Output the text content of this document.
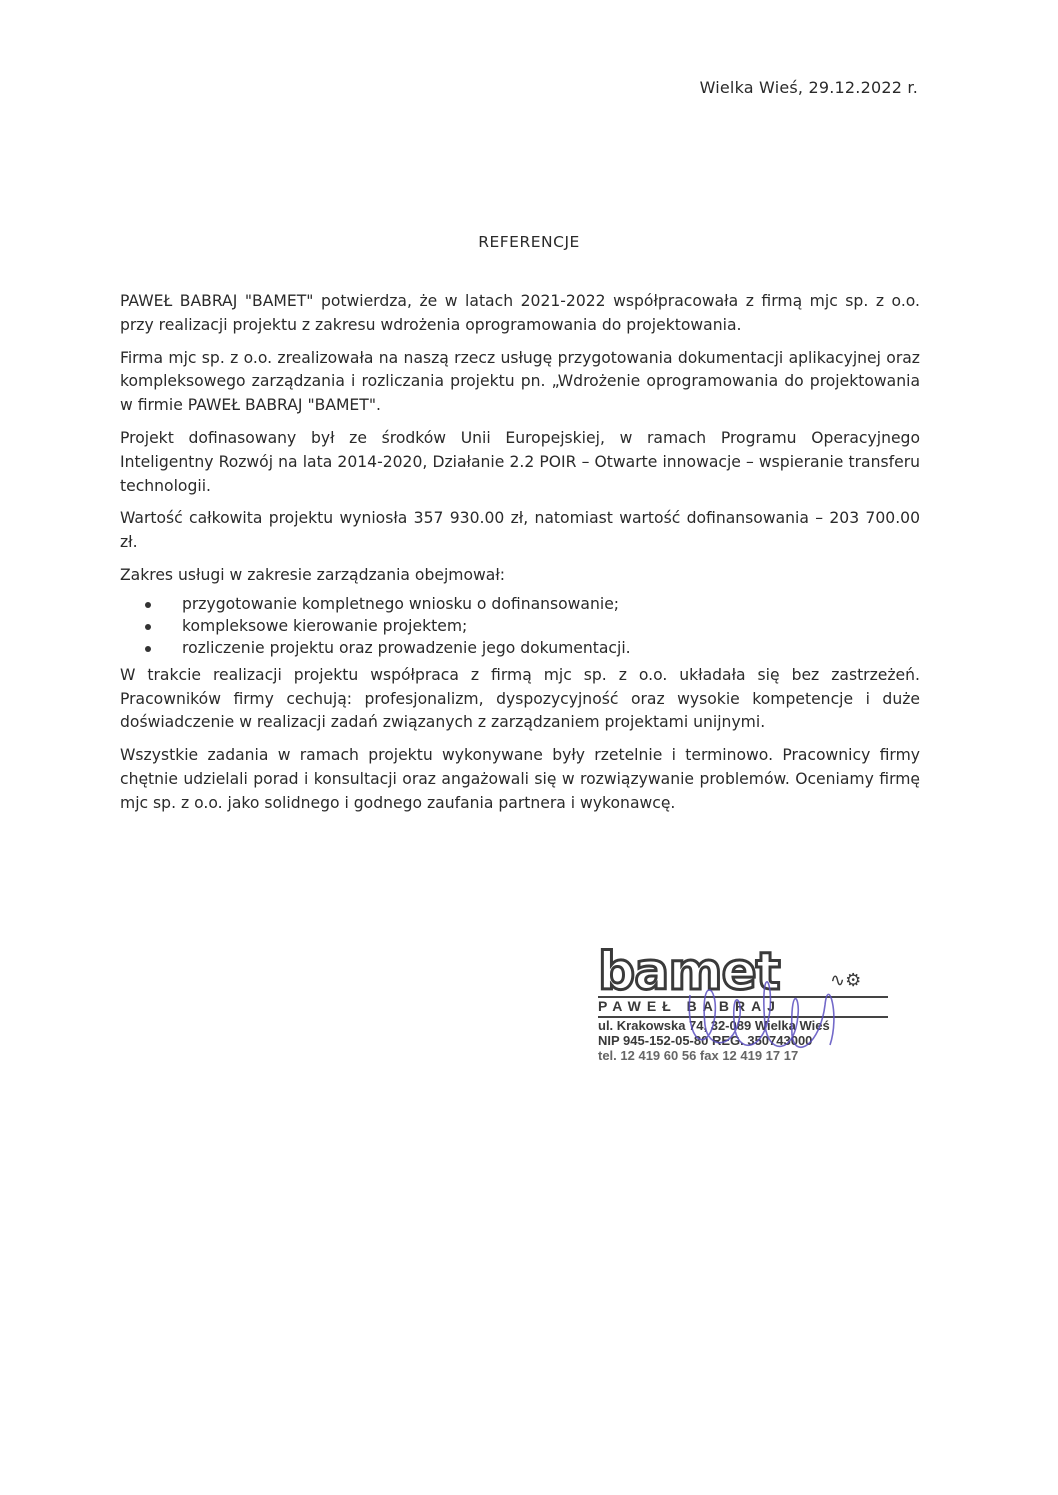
Wielka Wieś, 29.12.2022 r.
REFERENCJE

PAWEŁ BABRAJ "BAMET" potwierdza, że w latach 2021-2022 współpracowała z firmą mjc sp. z o.o. przy realizacji projektu z zakresu wdrożenia oprogramowania do projektowania.

Firma mjc sp. z o.o. zrealizowała na naszą rzecz usługę przygotowania dokumentacji aplikacyjnej oraz kompleksowego zarządzania i rozliczania projektu pn. „Wdrożenie oprogramowania do projektowania w firmie PAWEŁ BABRAJ "BAMET".

Projekt dofinasowany był ze środków Unii Europejskiej, w ramach Programu Operacyjnego Inteligentny Rozwój na lata 2014-2020, Działanie 2.2 POIR – Otwarte innowacje – wspieranie transferu technologii.

Wartość całkowita projektu wyniosła 357 930.00 zł, natomiast wartość dofinansowania – 203 700.00 zł.

Zakres usługi w zakresie zarządzania obejmował:

przygotowanie kompletnego wniosku o dofinansowanie;
kompleksowe kierowanie projektem;
rozliczenie projektu oraz prowadzenie jego dokumentacji.

W trakcie realizacji projektu współpraca z firmą mjc sp. z o.o. układała się bez zastrzeżeń. Pracowników firmy cechują: profesjonalizm, dyspozycyjność oraz wysokie kompetencje i duże doświadczenie w realizacji zadań związanych z zarządzaniem projektami unijnymi.

Wszystkie zadania w ramach projektu wykonywane były rzetelnie i terminowo. Pracownicy firmy chętnie udzielali porad i konsultacji oraz angażowali się w rozwiązywanie problemów. Oceniamy firmę mjc sp. z o.o. jako solidnego i godnego zaufania partnera i wykonawcę.

bamet	∿⚙
PAWEŁ BABRAJ
ul. Krakowska 74, 32-089 Wielka Wieś
NIP 945-152-05-80 REG. 350743000
tel. 12 419 60 56 fax 12 419 17 17
